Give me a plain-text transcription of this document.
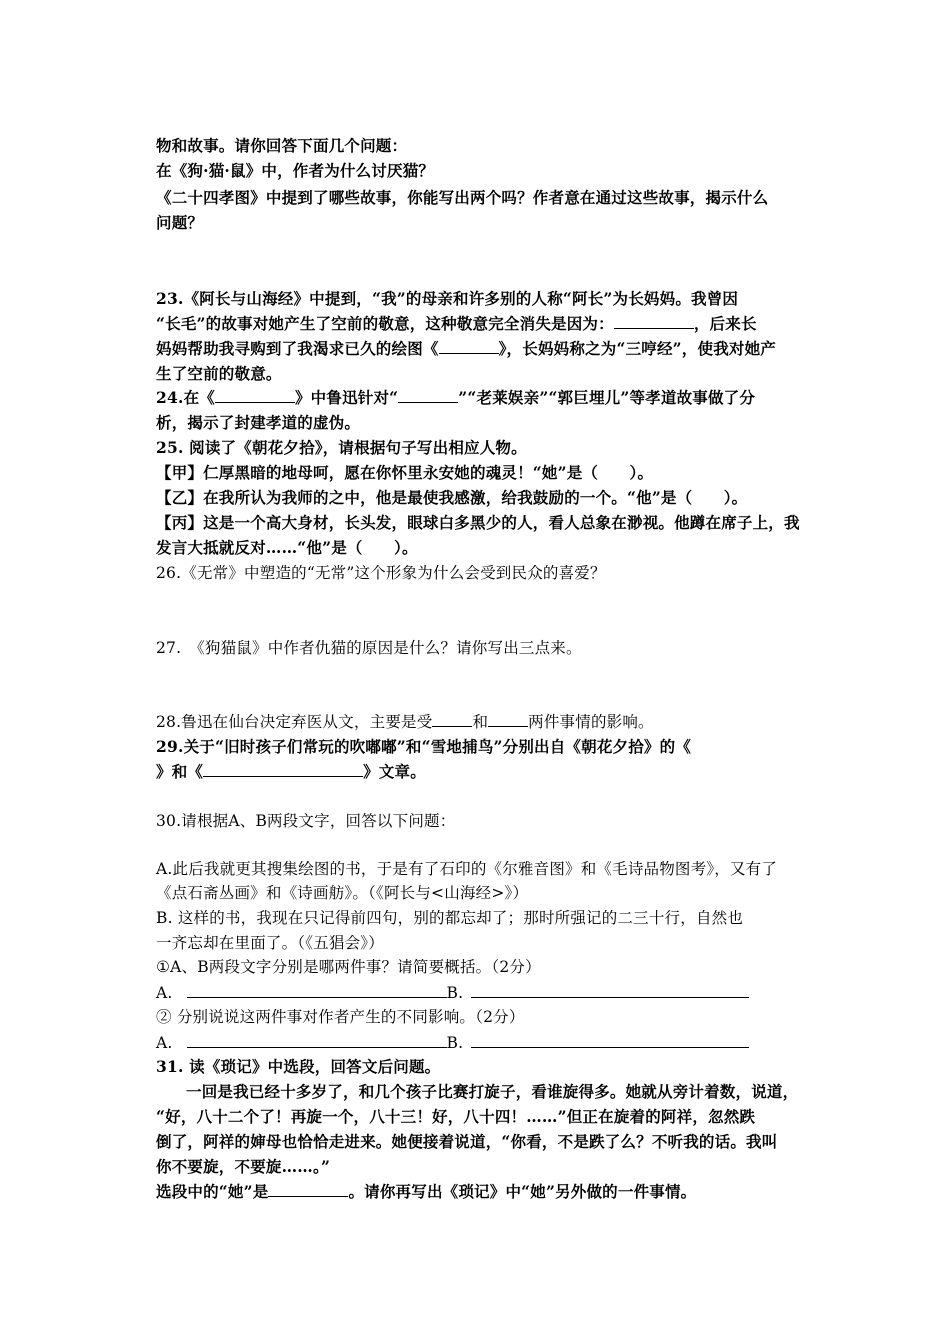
物和故事。请你回答下面几个问题：
在《狗·猫·鼠》中，作者为什么讨厌猫？
《二十四孝图》中提到了哪些故事，你能写出两个吗？作者意在通过这些故事，揭示什么
问题？
23.《阿长与山海经》中提到，“我”的母亲和许多别的人称“阿长”为长妈妈。我曾因
“长毛”的故事对她产生了空前的敬意，这种敬意完全消失是因为：	，后来长
妈妈帮助我寻购到了我渴求已久的绘图《	》，长妈妈称之为“三哼经”，使我对她产
生了空前的敬意。
24.在《	》中鲁迅针对“	”“老莱娱亲”“郭巨埋儿”等孝道故事做了分
析，揭示了封建孝道的虚伪。
25. 阅读了《朝花夕拾》，请根据句子写出相应人物。
【甲】仁厚黑暗的地母呵，愿在你怀里永安她的魂灵！“她”是（　　）。
【乙】在我所认为我师的之中，他是最使我感激，给我鼓励的一个。“他”是（　　）。
【丙】这是一个高大身材，长头发，眼球白多黑少的人，看人总象在渺视。他蹲在席子上，我
发言大抵就反对……“他”是（　　）。
26.《无常》中塑造的“无常”这个形象为什么会受到民众的喜爱？
27.　《狗猫鼠》中作者仇猫的原因是什么？请你写出三点来。
28.鲁迅在仙台决定弃医从文，主要是受	和	两件事情的影响。
29.关于“旧时孩子们常玩的吹嘟嘟”和“雪地捕鸟”分别出自《朝花夕拾》的《
》和《	》文章。
30.请根据A、B两段文字，回答以下问题：
A.此后我就更其搜集绘图的书，于是有了石印的《尔雅音图》和《毛诗品物图考》，又有了
《点石斋丛画》和《诗画舫》。（《阿长与<山海经>》）
B. 这样的书，我现在只记得前四句，别的都忘却了；那时所强记的二三十行，自然也
一齐忘却在里面了。（《五猖会》）
①A、B两段文字分别是哪两件事？请简要概括。（2分）
A.	B.
② 分别说说这两件事对作者产生的不同影响。（2分）
A.	B.
31. 读《琐记》中选段，回答文后问题。
一回是我已经十多岁了，和几个孩子比赛打旋子，看谁旋得多。她就从旁计着数，说道，
“好，八十二个了！再旋一个，八十三！好，八十四！……”但正在旋着的阿祥，忽然跌
倒了，阿祥的婶母也恰恰走进来。她便接着说道，“你看，不是跌了么？不听我的话。我叫
你不要旋，不要旋……。”
选段中的“她”是	。请你再写出《琐记》中“她”另外做的一件事情。
